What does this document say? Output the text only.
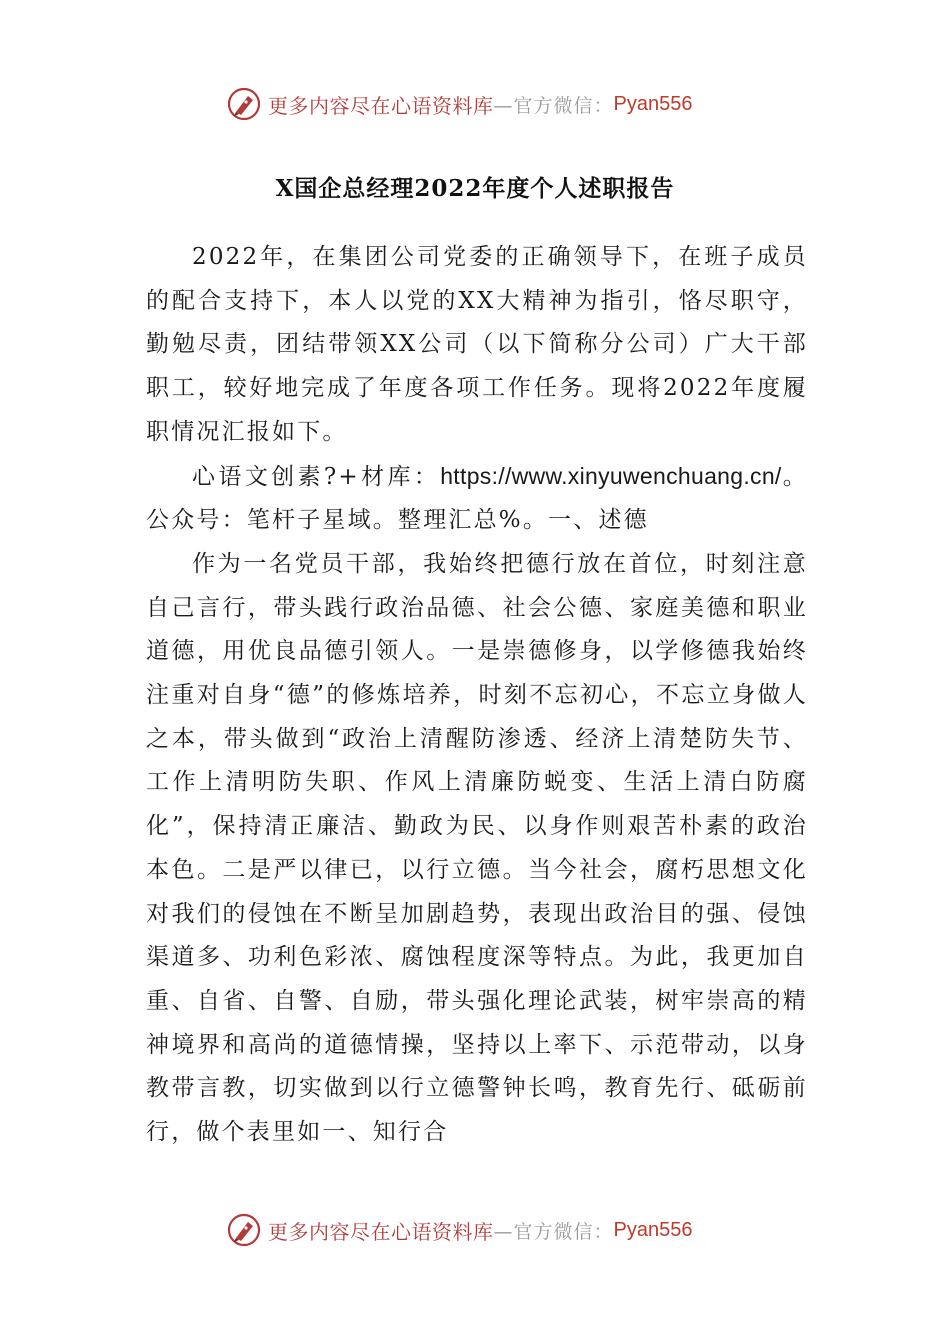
更多内容尽在心语资料库 —官方微信： Pyan556
X国企总经理2022年度个人述职报告

2022年，在集团公司党委的正确领导下，在班子成员的配合支持下，本人以党的XX大精神为指引，恪尽职守，勤勉尽责，团结带领XX公司（以下简称分公司）广大干部职工，较好地完成了年度各项工作任务。现将2022年度履职情况汇报如下。

心语文创素?+材库：https://www.xinyuwenchuang.cn/。公众号：笔杆子星域。整理汇总%。一、述德

作为一名党员干部，我始终把德行放在首位，时刻注意自己言行，带头践行政治品德、社会公德、家庭美德和职业道德，用优良品德引领人。一是崇德修身，以学修德我始终注重对自身“德”的修炼培养，时刻不忘初心，不忘立身做人之本，带头做到“政治上清醒防渗透、经济上清楚防失节、工作上清明防失职、作风上清廉防蜕变、生活上清白防腐化”，保持清正廉洁、勤政为民、以身作则艰苦朴素的政治本色。二是严以律已，以行立德。当今社会，腐朽思想文化对我们的侵蚀在不断呈加剧趋势，表现出政治目的强、侵蚀渠道多、功利色彩浓、腐蚀程度深等特点。为此，我更加自重、自省、自警、自励，带头强化理论武装，树牢崇高的精神境界和高尚的道德情操，坚持以上率下、示范带动，以身教带言教，切实做到以行立德警钟长鸣，教育先行、砥砺前行，做个表里如一、知行合

更多内容尽在心语资料库 —官方微信： Pyan556
